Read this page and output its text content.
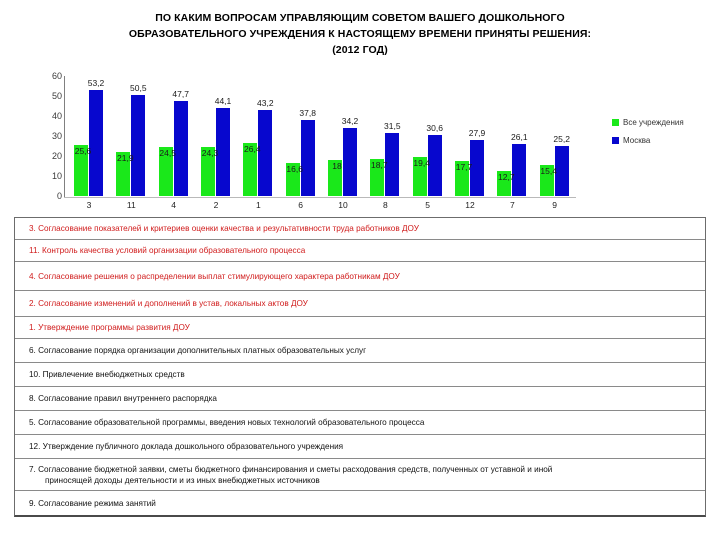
ПО КАКИМ ВОПРОСАМ УПРАВЛЯЮЩИМ СОВЕТОМ ВАШЕГО ДОШКОЛЬНОГО
ОБРАЗОВАТЕЛЬНОГО УЧРЕЖДЕНИЯ К НАСТОЯЩЕМУ ВРЕМЕНИ ПРИНЯТЫ РЕШЕНИЯ:
(2012 ГОД)
0
10
20
30
40
50
60
25,6
53,2
3
21,9
50,5
11
24,5
47,7
4
24,3
44,1
2
26,4
43,2
1
16,6
37,8
6
18
34,2
10
18,7
31,5
8
19,4
30,6
5
17,7
27,9
12
12,7
26,1
7
15,4
25,2
9
Все учреждения
Москва
3. Согласование показателей и критериев оценки качества и результативности труда работников ДОУ
11. Контроль качества условий организации образовательного процесса
4. Согласование решения о распределении выплат стимулирующего характера работникам ДОУ
2. Согласование изменений и дополнений в устав, локальных актов ДОУ
1. Утверждение программы развития ДОУ
6. Согласование порядка организации дополнительных платных образовательных услуг
10. Привлечение внебюджетных средств
8. Согласование правил внутреннего распорядка
5. Согласование образовательной программы, введения новых технологий образовательного процесса
12. Утверждение публичного доклада дошкольного образовательного учреждения
7. Согласование бюджетной заявки, сметы бюджетного финансирования и сметы расходования средств, полученных от уставной и иной
приносящей доходы деятельности и из иных внебюджетных источников
9. Согласование режима занятий
